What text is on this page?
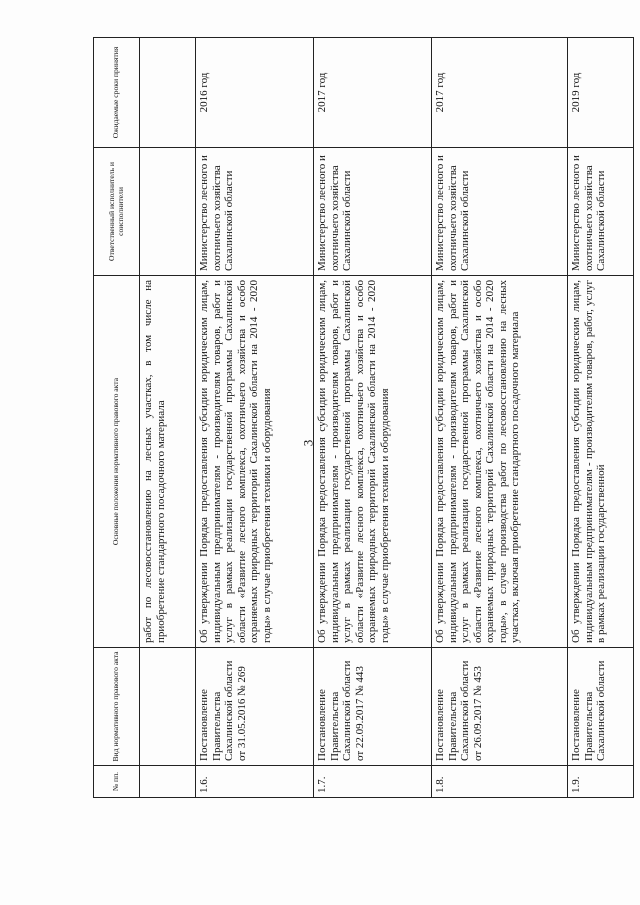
3
№ пп.	Вид нормативного правового акта	Основные положения нормативного правового акта	Ответственный исполнитель и соисполнители	Ожидаемые сроки принятия
		работ по лесовосстановлению на лесных участках, в том числе на приобретение стандартного посадочного материала		
1.6.	Постановление Правительства Сахалинской области от 31.05.2016 № 269	Об утверждении Порядка предоставления субсидии юридическим лицам, индивидуальным предпринимателям - производителям товаров, работ и услуг в рамках реализации государственной программы Сахалинской области «Развитие лесного комплекса, охотничьего хозяйства и особо охраняемых природных территорий Сахалинской области на 2014 - 2020 годы» в случае приобретения техники и оборудования	Министерство лесного и охотничьего хозяйства Сахалинской области	2016 год
1.7.	Постановление Правительства Сахалинской области от 22.09.2017 № 443	Об утверждении Порядка предоставления субсидии юридическим лицам, индивидуальным предпринимателям - производителям товаров, работ и услуг в рамках реализации государственной программы Сахалинской области «Развитие лесного комплекса, охотничьего хозяйства и особо охраняемых природных территорий Сахалинской области на 2014 - 2020 годы» в случае приобретения техники и оборудования	Министерство лесного и охотничьего хозяйства Сахалинской области	2017 год
1.8.	Постановление Правительства Сахалинской области от 26.09.2017 № 453	Об утверждении Порядка предоставления субсидии юридическим лицам, индивидуальным предпринимателям - производителям товаров, работ и услуг в рамках реализации государственной программы Сахалинской области «Развитие лесного комплекса, охотничьего хозяйства и особо охраняемых природных территорий Сахалинской области на 2014 - 2020 годы», в случае производства работ по лесовосстановлению на лесных участках, включая приобретение стандартного посадочного материала	Министерство лесного и охотничьего хозяйства Сахалинской области	2017 год
1.9.	Постановление Правительства Сахалинской области	Об утверждении Порядка предоставления субсидии юридическим лицам, индивидуальным предпринимателям - производителям товаров, работ, услуг в рамках реализации государственной	Министерство лесного и охотничьего хозяйства Сахалинской области	2019 год
